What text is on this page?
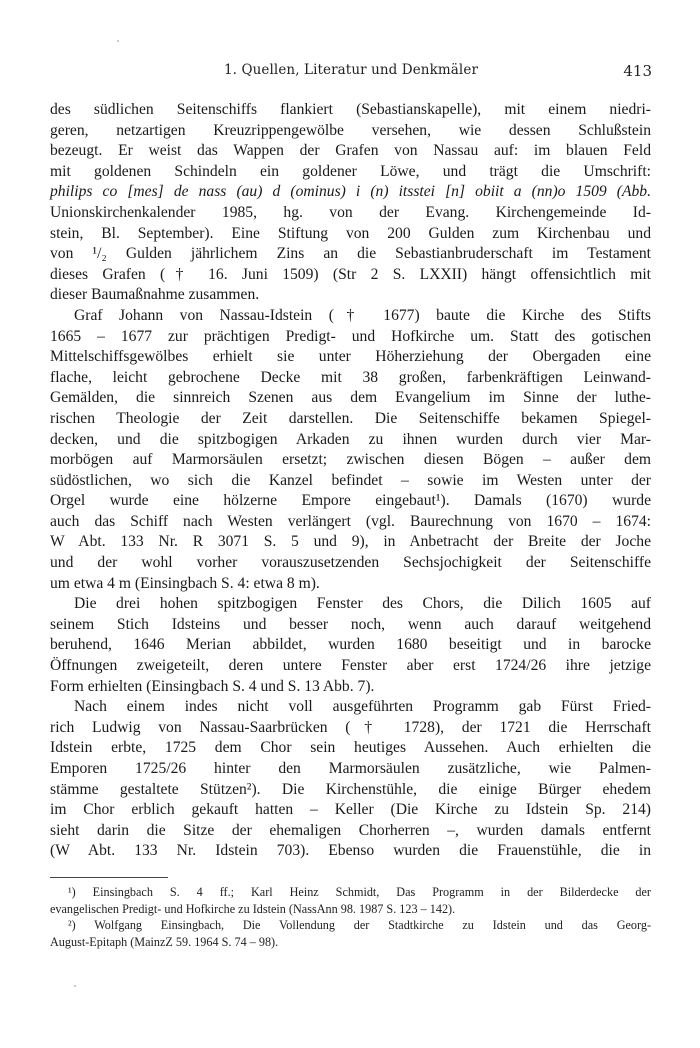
1. Quellen, Literatur und Denkmäler	413
des südlichen Seitenschiffs flankiert (Sebastianskapelle), mit einem niedri-
geren, netzartigen Kreuzrippengewölbe versehen, wie dessen Schlußstein
bezeugt. Er weist das Wappen der Grafen von Nassau auf: im blauen Feld
mit goldenen Schindeln ein goldener Löwe, und trägt die Umschrift:
philips co [mes] de nass (au) d (ominus) i (n) itsstei [n] obiit a (nn)o 1509 (Abb.
Unionskirchenkalender 1985, hg. von der Evang. Kirchengemeinde Id-
stein, Bl. September). Eine Stiftung von 200 Gulden zum Kirchenbau und
von ¹/₂ Gulden jährlichem Zins an die Sebastianbruderschaft im Testament
dieses Grafen († 16. Juni 1509) (Str 2 S. LXXII) hängt offensichtlich mit
dieser Baumaßnahme zusammen.
Graf Johann von Nassau-Idstein († 1677) baute die Kirche des Stifts
1665 – 1677 zur prächtigen Predigt- und Hofkirche um. Statt des gotischen
Mittelschiffsgewölbes erhielt sie unter Höherziehung der Obergaden eine
flache, leicht gebrochene Decke mit 38 großen, farbenkräftigen Leinwand-
Gemälden, die sinnreich Szenen aus dem Evangelium im Sinne der luthe-
rischen Theologie der Zeit darstellen. Die Seitenschiffe bekamen Spiegel-
decken, und die spitzbogigen Arkaden zu ihnen wurden durch vier Mar-
morbögen auf Marmorsäulen ersetzt; zwischen diesen Bögen – außer dem
südöstlichen, wo sich die Kanzel befindet – sowie im Westen unter der
Orgel wurde eine hölzerne Empore eingebaut¹). Damals (1670) wurde
auch das Schiff nach Westen verlängert (vgl. Baurechnung von 1670 – 1674:
W Abt. 133 Nr. R 3071 S. 5 und 9), in Anbetracht der Breite der Joche
und der wohl vorher vorauszusetzenden Sechsjochigkeit der Seitenschiffe
um etwa 4 m (Einsingbach S. 4: etwa 8 m).
Die drei hohen spitzbogigen Fenster des Chors, die Dilich 1605 auf
seinem Stich Idsteins und besser noch, wenn auch darauf weitgehend
beruhend, 1646 Merian abbildet, wurden 1680 beseitigt und in barocke
Öffnungen zweigeteilt, deren untere Fenster aber erst 1724/26 ihre jetzige
Form erhielten (Einsingbach S. 4 und S. 13 Abb. 7).
Nach einem indes nicht voll ausgeführten Programm gab Fürst Fried-
rich Ludwig von Nassau-Saarbrücken († 1728), der 1721 die Herrschaft
Idstein erbte, 1725 dem Chor sein heutiges Aussehen. Auch erhielten die
Emporen 1725/26 hinter den Marmorsäulen zusätzliche, wie Palmen-
stämme gestaltete Stützen²). Die Kirchenstühle, die einige Bürger ehedem
im Chor erblich gekauft hatten – Keller (Die Kirche zu Idstein Sp. 214)
sieht darin die Sitze der ehemaligen Chorherren –, wurden damals entfernt
(W Abt. 133 Nr. Idstein 703). Ebenso wurden die Frauenstühle, die in
¹) Einsingbach S. 4 ff.; Karl Heinz Schmidt, Das Programm in der Bilderdecke der
evangelischen Predigt- und Hofkirche zu Idstein (NassAnn 98. 1987 S. 123 – 142).
²) Wolfgang Einsingbach, Die Vollendung der Stadtkirche zu Idstein und das Georg-
August-Epitaph (MainzZ 59. 1964 S. 74 – 98).
